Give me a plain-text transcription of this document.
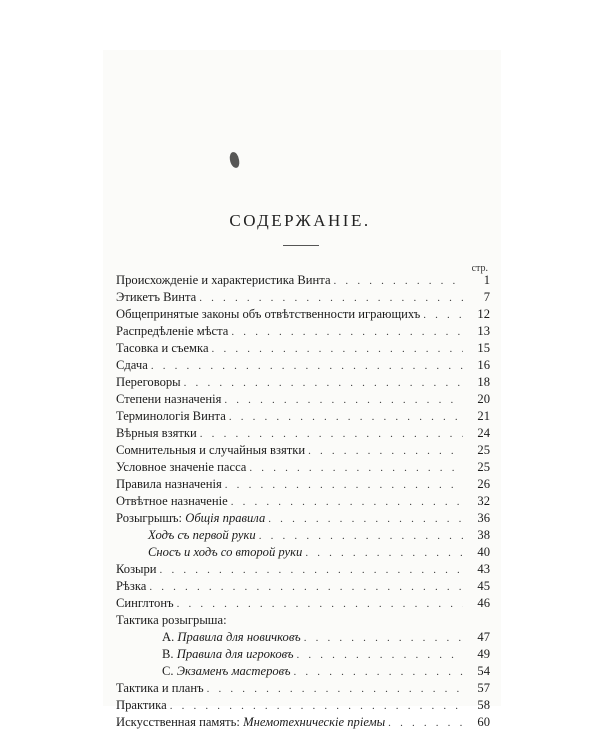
СОДЕРЖАНIЕ.
стр.
Происхожденіе и характеристика Винта . . .	1
Этикетъ Винта . . .	7
Общепринятые законы объ отвѣтственности играющихъ . . .	12
Распредѣленіе мѣста . . .	13
Тасовка и съемка . . .	15
Сдача . . .	16
Переговоры . . .	18
Степени назначенія . . .	20
Терминологія Винта . . .	21
Вѣрныя взятки . . .	24
Сомнительныя и случайныя взятки . . .	25
Условное значеніе пасса . . .	25
Правила назначенія . . .	26
Отвѣтное назначеніе . . .	32
Розыгрышъ: Общія правила . . .	36
Ходъ съ первой руки . . .	38
Сносъ и ходъ со второй руки . . .	40
Козыри . . .	43
Рѣзка . . .	45
Синглтонъ . . .	46
Тактика розыгрыша:
A. Правила для новичковъ . . .	47
B. Правила для игроковъ . . .	49
C. Экзаменъ мастеровъ . . .	54
Тактика и планъ . . .	57
Практика . . .	58
Искусственная память: Мнемотехническіе пріемы . . .	60
